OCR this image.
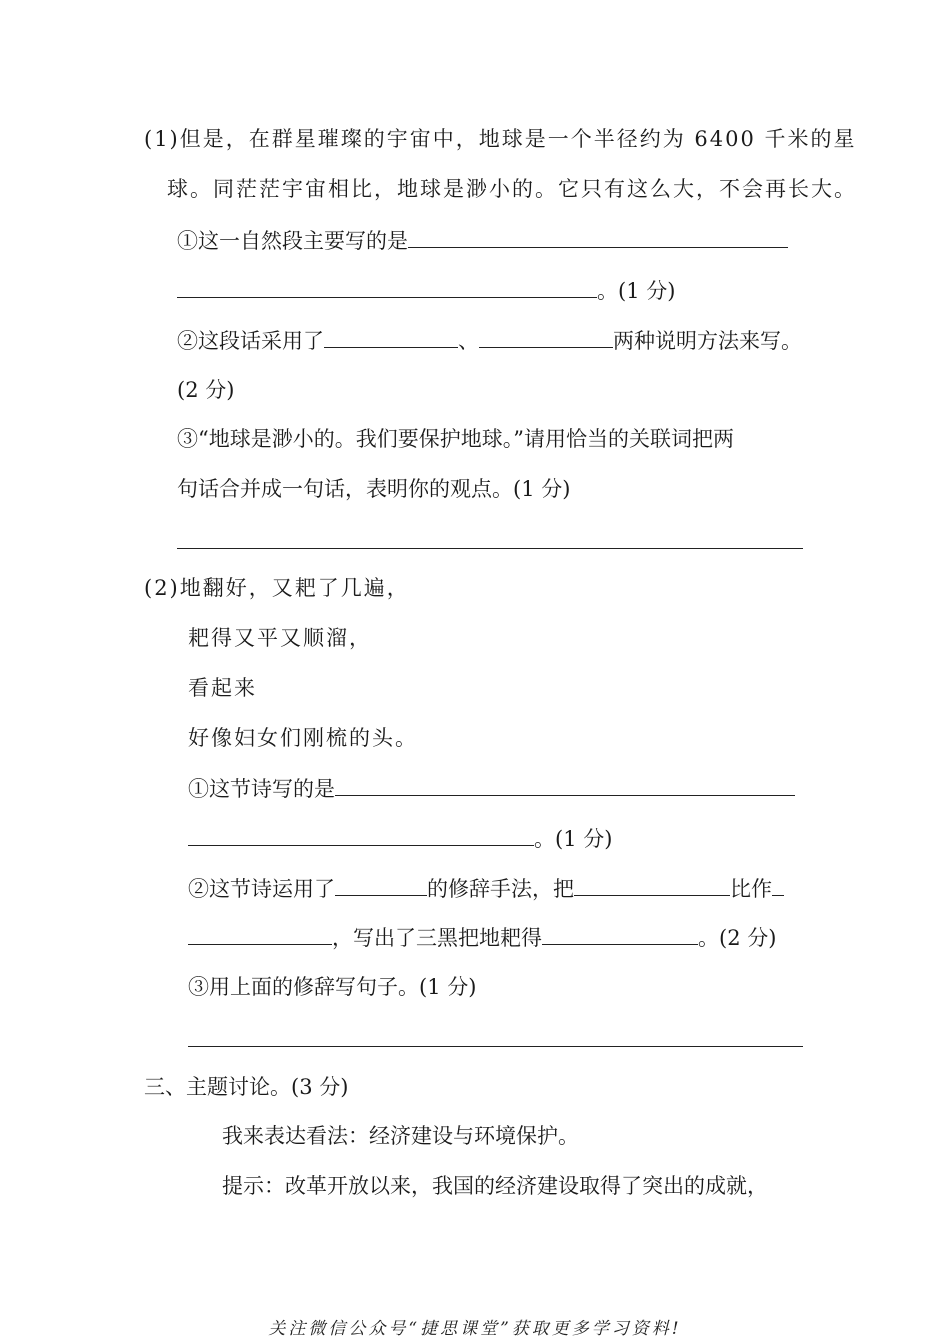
(1)但是，在群星璀璨的宇宙中，地球是一个半径约为 6400 千米的星
球。同茫茫宇宙相比，地球是渺小的。它只有这么大，不会再长大。
①这一自然段主要写的是
。(1 分)
②这段话采用了	、	两种说明方法来写。
(2 分)
③“地球是渺小的。我们要保护地球。”请用恰当的关联词把两
句话合并成一句话，表明你的观点。(1 分)
(2)地翻好，又耙了几遍，
耙得又平又顺溜，
看起来
好像妇女们刚梳的头。
①这节诗写的是
。(1 分)
②这节诗运用了	的修辞手法，把	比作
，写出了三黑把地耙得	。(2 分)
③用上面的修辞写句子。(1 分)
三、主题讨论。(3 分)
我来表达看法：经济建设与环境保护。
提示：改革开放以来，我国的经济建设取得了突出的成就，
关注微信公众号“捷思课堂”获取更多学习资料!
